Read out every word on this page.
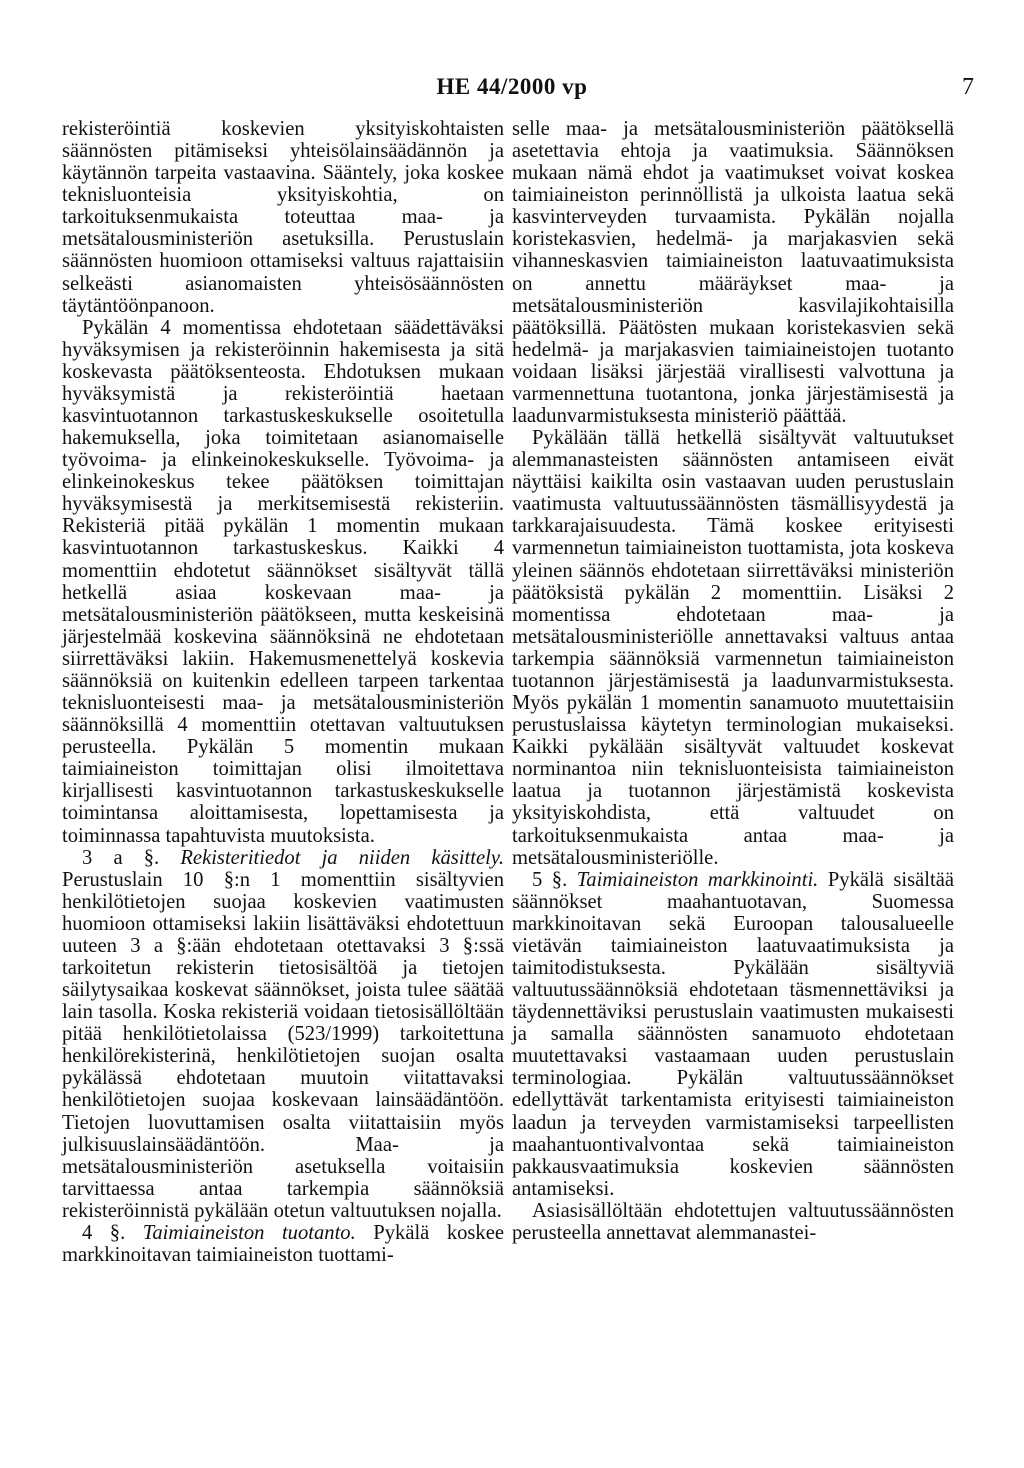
HE 44/2000 vp	7

rekisteröintiä koskevien yksityiskohtaisten säännösten pitämiseksi yhteisölainsäädännön ja käytännön tarpeita vastaavina. Sääntely, joka koskee teknisluonteisia yksityiskohtia, on tarkoituksenmukaista toteuttaa maa- ja metsätalousministeriön asetuksilla. Perustuslain säännösten huomioon ottamiseksi valtuus rajattaisiin selkeästi asianomaisten yhteisösäännösten täytäntöönpanoon.

Pykälän 4 momentissa ehdotetaan säädettäväksi hyväksymisen ja rekisteröinnin hakemisesta ja sitä koskevasta päätöksenteosta. Ehdotuksen mukaan hyväksymistä ja rekisteröintiä haetaan kasvintuotannon tarkastuskeskukselle osoitetulla hakemuksella, joka toimitetaan asianomaiselle työvoima- ja elinkeinokeskukselle. Työvoima- ja elinkeinokeskus tekee päätöksen toimittajan hyväksymisestä ja merkitsemisestä rekisteriin. Rekisteriä pitää pykälän 1 momentin mukaan kasvintuotannon tarkastuskeskus. Kaikki 4 momenttiin ehdotetut säännökset sisältyvät tällä hetkellä asiaa koskevaan maa- ja metsätalousministeriön päätökseen, mutta keskeisinä järjestelmää koskevina säännöksinä ne ehdotetaan siirrettäväksi lakiin. Hakemusmenettelyä koskevia säännöksiä on kuitenkin edelleen tarpeen tarkentaa teknisluonteisesti maa- ja metsätalousministeriön säännöksillä 4 momenttiin otettavan valtuutuksen perusteella. Pykälän 5 momentin mukaan taimiaineiston toimittajan olisi ilmoitettava kirjallisesti kasvintuotannon tarkastuskeskukselle toimintansa aloittamisesta, lopettamisesta ja toiminnassa tapahtuvista muutoksista.

3 a §. Rekisteritiedot ja niiden käsittely. Perustuslain 10 §:n 1 momenttiin sisältyvien henkilötietojen suojaa koskevien vaatimusten huomioon ottamiseksi lakiin lisättäväksi ehdotettuun uuteen 3 a §:ään ehdotetaan otettavaksi 3 §:ssä tarkoitetun rekisterin tietosisältöä ja tietojen säilytysaikaa koskevat säännökset, joista tulee säätää lain tasolla. Koska rekisteriä voidaan tietosisällöltään pitää henkilötietolaissa (523/1999) tarkoitettuna henkilörekisterinä, henkilötietojen suojan osalta pykälässä ehdotetaan muutoin viitattavaksi henkilötietojen suojaa koskevaan lainsäädäntöön. Tietojen luovuttamisen osalta viitattaisiin myös julkisuuslainsäädäntöön. Maa- ja metsätalousministeriön asetuksella voitaisiin tarvittaessa antaa tarkempia säännöksiä rekisteröinnistä pykälään otetun valtuutuksen nojalla.

4 §. Taimiaineiston tuotanto. Pykälä koskee markkinoitavan taimiaineiston tuottami-

selle maa- ja metsätalousministeriön päätöksellä asetettavia ehtoja ja vaatimuksia. Säännöksen mukaan nämä ehdot ja vaatimukset voivat koskea taimiaineiston perinnöllistä ja ulkoista laatua sekä kasvinterveyden turvaamista. Pykälän nojalla koristekasvien, hedelmä- ja marjakasvien sekä vihanneskasvien taimiaineiston laatuvaatimuksista on annettu määräykset maa- ja metsätalousministeriön kasvilajikohtaisilla päätöksillä. Päätösten mukaan koristekasvien sekä hedelmä- ja marjakasvien taimiaineistojen tuotanto voidaan lisäksi järjestää virallisesti valvottuna ja varmennettuna tuotantona, jonka järjestämisestä ja laadunvarmistuksesta ministeriö päättää.

Pykälään tällä hetkellä sisältyvät valtuutukset alemmanasteisten säännösten antamiseen eivät näyttäisi kaikilta osin vastaavan uuden perustuslain vaatimusta valtuutussäännösten täsmällisyydestä ja tarkkarajaisuudesta. Tämä koskee erityisesti varmennetun taimiaineiston tuottamista, jota koskeva yleinen säännös ehdotetaan siirrettäväksi ministeriön päätöksistä pykälän 2 momenttiin. Lisäksi 2 momentissa ehdotetaan maa- ja metsätalousministeriölle annettavaksi valtuus antaa tarkempia säännöksiä varmennetun taimiaineiston tuotannon järjestämisestä ja laadunvarmistuksesta. Myös pykälän 1 momentin sanamuoto muutettaisiin perustuslaissa käytetyn terminologian mukaiseksi. Kaikki pykälään sisältyvät valtuudet koskevat norminantoa niin teknisluonteisista taimiaineiston laatua ja tuotannon järjestämistä koskevista yksityiskohdista, että valtuudet on tarkoituksenmukaista antaa maa- ja metsätalousministeriölle.

5 §. Taimiaineiston markkinointi. Pykälä sisältää säännökset maahantuotavan, Suomessa markkinoitavan sekä Euroopan talousalueelle vietävän taimiaineiston laatuvaatimuksista ja taimitodistuksesta. Pykälään sisältyviä valtuutussäännöksiä ehdotetaan täsmennettäviksi ja täydennettäviksi perustuslain vaatimusten mukaisesti ja samalla säännösten sanamuoto ehdotetaan muutettavaksi vastaamaan uuden perustuslain terminologiaa. Pykälän valtuutussäännökset edellyttävät tarkentamista erityisesti taimiaineiston laadun ja terveyden varmistamiseksi tarpeellisten maahantuontivalvontaa sekä taimiaineiston pakkausvaatimuksia koskevien säännösten antamiseksi.

Asiasisällöltään ehdotettujen valtuutussäännösten perusteella annettavat alemmanastei-
